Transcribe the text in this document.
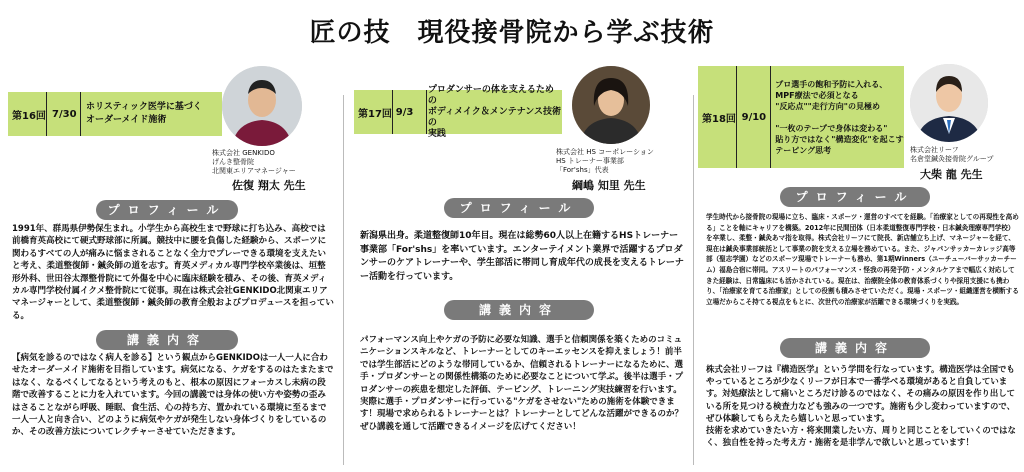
匠の技　現役接骨院から学ぶ技術
第16回 7/30
ホリスティック医学に基づく
オーダーメイド施術
株式会社 GENKIDO
げんき整骨院
北関東エリアマネージャー
佐復 翔太 先生
プロフィール
1991年、群馬県伊勢保生まれ。小学生から高校生まで野球に打ち込み、高校では前橋育英高校にて硬式野球部に所属。競技中に腰を負傷した経験から、スポーツに関わるすべての人が痛みに悩まされることなく全力でプレーできる環境を支えたいと考え、柔道整復師・鍼灸師の道を志す。育英メディカル専門学校卒業後は、垣整形外科、世田谷太澤整骨院にて外傷を中心に臨床経験を積み、その後、育英メディカル専門学校付属イクメ整骨院にて従事。現在は株式会社GENKIDO北関東エリアマネージャーとして、柔道整復師・鍼灸師の教育全般およびプロデュースを担っている。
講義内容
【病気を診るのではなく病人を診る】という観点からGENKIDOは一人一人に合わせたオーダーメイド施術を目指しています。病気になる、ケガをするのはたまたまではなく、なるべくしてなるという考えのもと、根本の原因にフォーカスし未病の段階で改善することに力を入れています。今回の講義では身体の使い方や姿勢の歪みはさることながら呼吸、睡眠、食生活、心の持ち方、置かれている環境に至るまで一人一人と向き合い、どのように病気やケガが発生しない身体づくりをしているのか、その改善方法についてレクチャーさせていただきます。
第17回 9/3
プロダンサーの体を支えるための
ボディメイク＆メンテナンス技術の
実践
株式会社 HS コーポレーション
HS トレーナー事業部
「For'shs」代表
綱嶋 知里 先生
プロフィール
新潟県出身。柔道整復師10年目。現在は総勢60人以上在籍するHSトレーナー事業部「For'shs」を率いています。エンターテイメント業界で活躍するプロダンサーのケアトレーナーや、学生部活に帯同し育成年代の成長を支えるトレーナー活動を行っています。
講義内容
パフォーマンス向上やケガの予防に必要な知識、選手と信頼関係を築くためのコミュニケーションスキルなど、トレーナーとしてのキーエッセンスを抑えましょう！前半では学生部活にどのような帯同しているか、信頼されるトレーナーになるために、選手・プロダンサーとの関係性構築のために必要なことについて学ぶ。後半は選手・プロダンサーの疾患を想定した評価、テーピング、トレーニング実技練習を行います。実際に選手・プロダンサーに行っている"ケガをさせない"ための施術を体験できます！現場で求められるトレーナーとは？トレーナーとしてどんな活躍ができるのか？ぜひ講義を通して活躍できるイメージを広げてください！
第18回 9/10
プロ選手の飽和予防に入れる、
MPF療法で必須となる
"反応点""走行方向"の見極め

"一枚のテープで身体は変わる"
貼り方ではなく"構造変化"を起こすテーピング思考	株式会社リーフ
名倉堂鍼灸接骨院グループ
大柴 龍 先生
プロフィール
学生時代から接骨院の現場に立ち、臨床・スポーツ・運営のすべてを経験。「治療家としての再現性を高める」ことを軸にキャリアを構築。2012年に民間団体（日本柔道整復専門学校・日本鍼灸理療専門学校）を卒業し、柔整・鍼灸あマ指を取得。株式会社リーフにて院長、新店舗立ち上げ、マネージャーを経て、現在は鍼灸事業部統括として事業の院を支える立場を務めている。また、ジャパンサッカーカレッジ高等部（聖志学園）などのスポーツ現場でトレーナーも務め、第1期Winners（ユーチューバーサッカーチーム）福島合宿に帯同。アスリートのパフォーマンス・怪我の再発予防・メンタルケアまで幅広く対応してきた経験は、日常臨床にも活かされている。現在は、治療院全体の教育体系づくりや採用支援にも携わり、「治療家を育てる治療家」としての役割も積みさせていただく。現場・スポーツ・組織運営を横断する立場だからこそ持てる視点をもとに、次世代の治療家が活躍できる環境づくりを実践。
講義内容
株式会社リーフは『構造医学』という学問を行なっています。構造医学は全国でもやっているところが少なくリーフが日本で一番学べる環境があると自負しています。対処療法として痛いところだけ診るのではなく、その痛みの原因を作り出している所を見つける検査力なども強みの一つです。施術も少し変わっていますので、ぜひ体験してもらえたら嬉しいと思っています。
技術を求めていきたい方・将来開業したい方、周りと同じことをしていくのではなく、独自性を持った考え方・施術を是非学んで欲しいと思っています！
